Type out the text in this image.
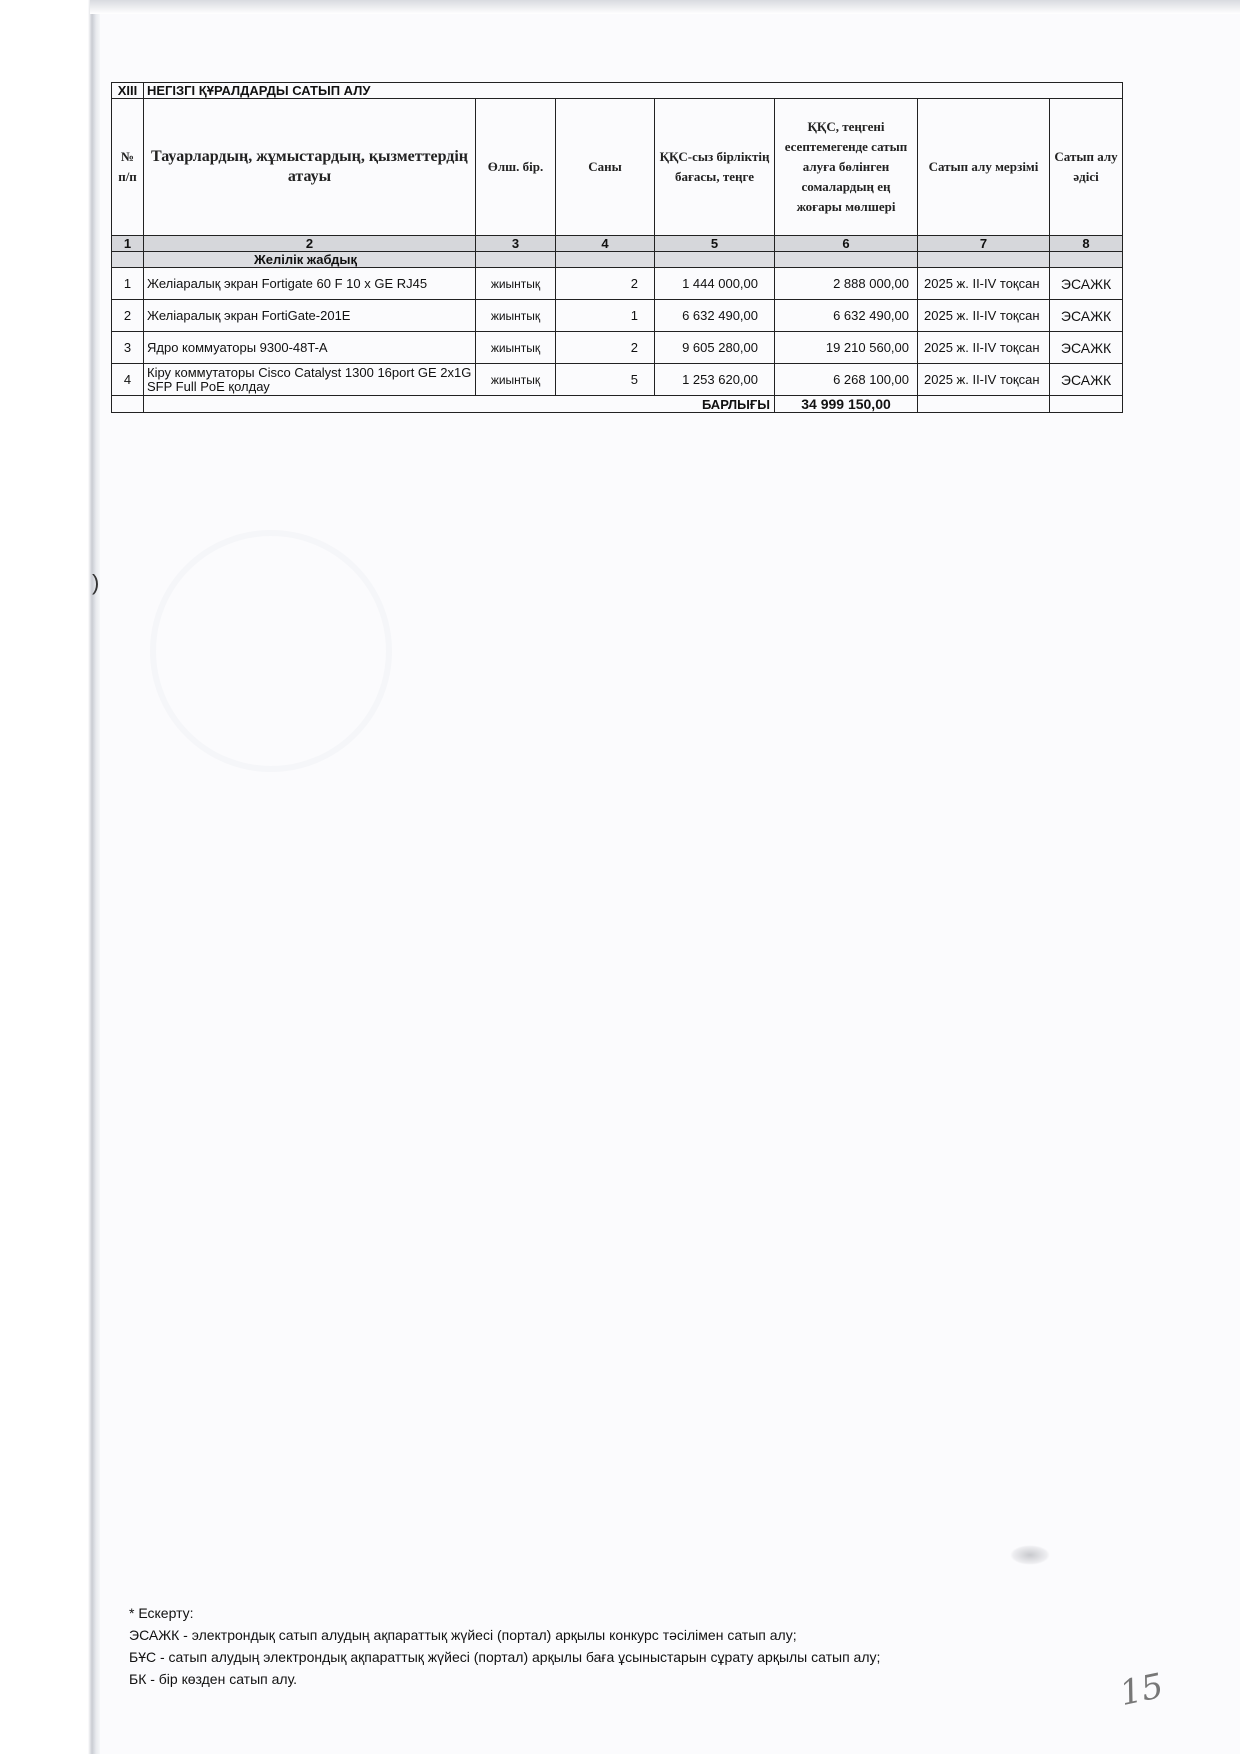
)
XIII	НЕГІЗГІ ҚҰРАЛДАРДЫ САТЫП АЛУ						
№ п/п	Тауарлардың, жұмыстардың, қызметтердің атауы	Өлш. бір.	Саны	ҚҚС-сыз бірліктің бағасы, теңге	ҚҚС, теңгені есептемегенде сатып алуға бөлінген сомалардың ең жоғары мөлшері	Сатып алу мерзімі	Сатып алу әдісі
1	2	3	4	5	6	7	8
	Желілік жабдық						
1	Желіаралық экран Fortigate 60 F 10 x GE RJ45	жиынтық	2	1 444 000,00	2 888 000,00	2025 ж. II-IV тоқсан	ЭСАЖК
2	Желіаралық экран FortiGate-201E	жиынтық	1	6 632 490,00	6 632 490,00	2025 ж. II-IV тоқсан	ЭСАЖК
3	Ядро коммуаторы 9300-48T-A	жиынтық	2	9 605 280,00	19 210 560,00	2025 ж. II-IV тоқсан	ЭСАЖК
4	Кіру коммутаторы Cisco Catalyst 1300 16port GE 2x1G SFP Full PoE қолдау	жиынтық	5	1 253 620,00	6 268 100,00	2025 ж. II-IV тоқсан	ЭСАЖК
	БАРЛЫҒЫ				34 999 150,00		
* Ескерту:
ЭСАЖК - электрондық сатып алудың ақпараттық жүйесі (портал) арқылы конкурс тәсілімен сатып алу;
БҰС - сатып алудың электрондық ақпараттық жүйесі (портал) арқылы баға ұсыныстарын сұрату арқылы сатып алу;
БК - бір көзден сатып алу.	15
